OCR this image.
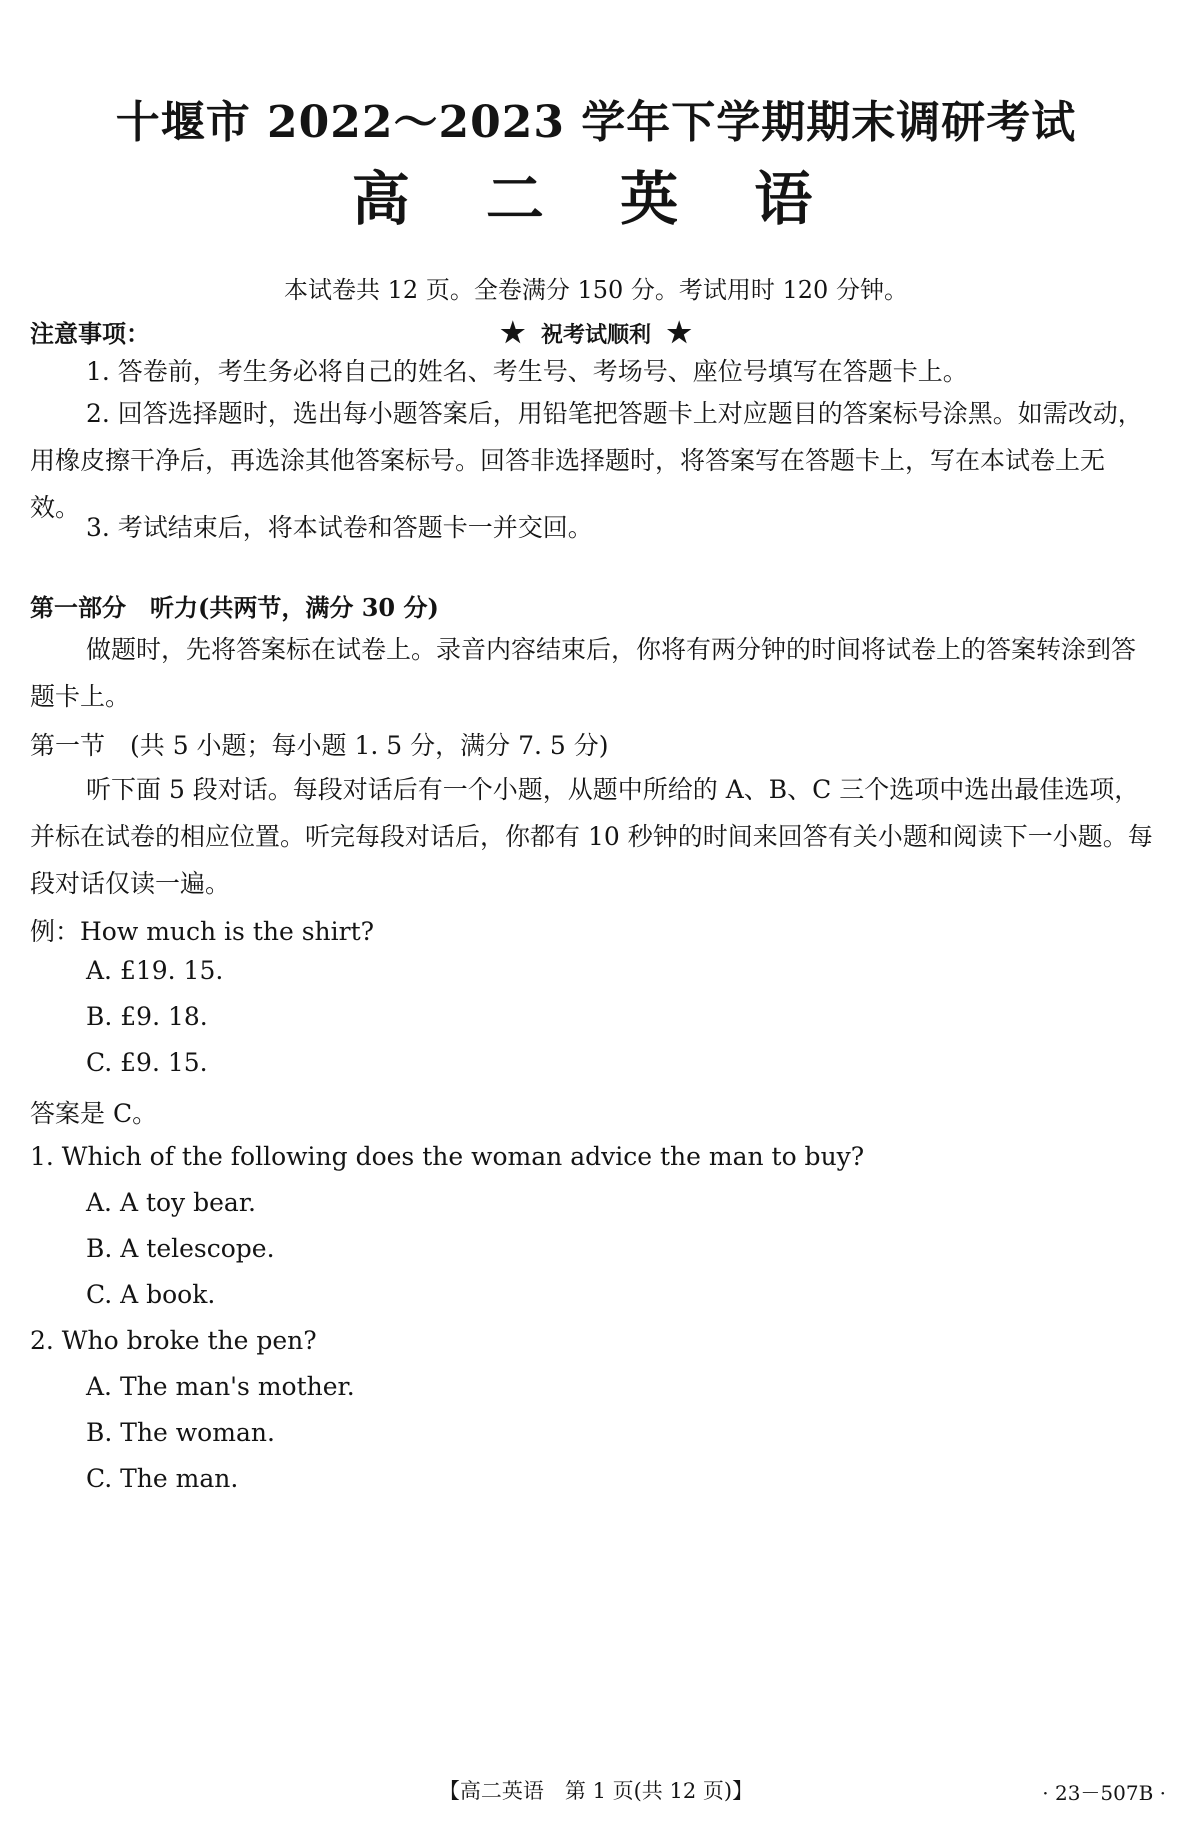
十堰市 2022～2023 学年下学期期末调研考试
高 二 英 语
本试卷共 12 页。全卷满分 150 分。考试用时 120 分钟。
★ 祝考试顺利 ★
注意事项：
1. 答卷前，考生务必将自己的姓名、考生号、考场号、座位号填写在答题卡上。
2. 回答选择题时，选出每小题答案后，用铅笔把答题卡上对应题目的答案标号涂黑。如需改动，用橡皮擦干净后，再选涂其他答案标号。回答非选择题时，将答案写在答题卡上，写在本试卷上无效。
3. 考试结束后，将本试卷和答题卡一并交回。
第一部分　听力(共两节，满分 30 分)
做题时，先将答案标在试卷上。录音内容结束后，你将有两分钟的时间将试卷上的答案转涂到答题卡上。
第一节　(共 5 小题；每小题 1. 5 分，满分 7. 5 分)
听下面 5 段对话。每段对话后有一个小题，从题中所给的 A、B、C 三个选项中选出最佳选项，并标在试卷的相应位置。听完每段对话后，你都有 10 秒钟的时间来回答有关小题和阅读下一小题。每段对话仅读一遍。
例：How much is the shirt?
A. £19. 15.
B. £9. 18.
C. £9. 15.
答案是 C。
1. Which of the following does the woman advice the man to buy?
A. A toy bear.
B. A telescope.
C. A book.
2. Who broke the pen?
A. The man's mother.
B. The woman.
C. The man.
【高二英语　第 1 页(共 12 页)】	· 23－507B ·
